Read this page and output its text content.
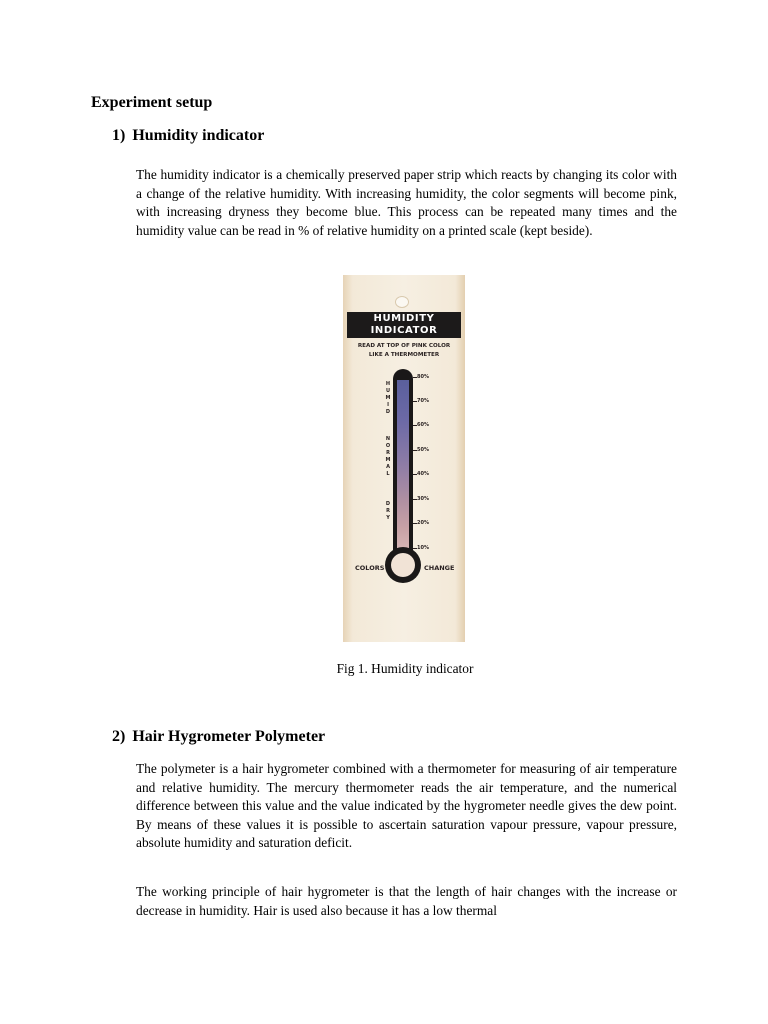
Experiment setup
1) Humidity indicator

The humidity indicator is a chemically preserved paper strip which reacts by changing its color with a change of the relative humidity. With increasing humidity, the color segments will become pink, with increasing dryness they become blue. This process can be repeated many times and the humidity value can be read in % of relative humidity on a printed scale (kept beside).

HUMIDITY
INDICATOR
READ AT TOP OF PINK COLOR
LIKE A THERMOMETER
H
U
M
I
D
N
O
R
M
A
L
D
R
Y
80%
70%
60%
50%
40%
30%
20%
10%
COLORS	CHANGE
Fig 1. Humidity indicator
2) Hair Hygrometer Polymeter

The polymeter is a hair hygrometer combined with a thermometer for measuring of air temperature and relative humidity. The mercury thermometer reads the air temperature, and the numerical difference between this value and the value indicated by the hygrometer needle gives the dew point. By means of these values it is possible to ascertain saturation vapour pressure, vapour pressure, absolute humidity and saturation deficit.

The working principle of hair hygrometer is that the length of hair changes with the increase or decrease in humidity. Hair is used also because it has a low thermal
